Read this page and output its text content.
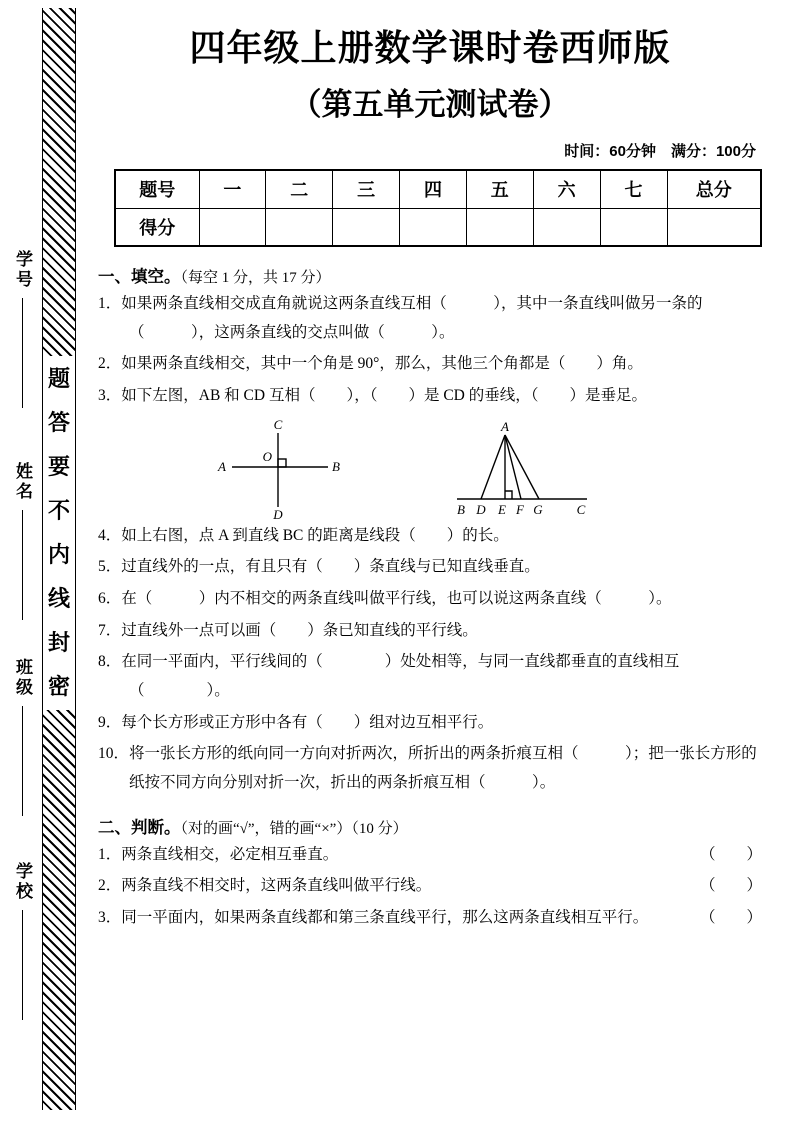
题
答
要
不
内
线
封
密
学号
姓名
班级
学校
四年级上册数学课时卷西师版
（第五单元测试卷）
时间：60分钟　满分：100分
题号	一	二	三	四	五	六	七	总分
得分								
一、填空。（每空 1 分，共 17 分）
1．如果两条直线相交成直角就说这两条直线互相（　　　），其中一条直线叫做另一条的（　　　），这两条直线的交点叫做（　　　）。
2．如果两条直线相交，其中一个角是 90°，那么，其他三个角都是（　　）角。
3．如下左图，AB 和 CD 互相（　　），（　　）是 CD 的垂线，（　　）是垂足。
C
D
A	B
O
A
B D E F G	C
4．如上右图，点 A 到直线 BC 的距离是线段（　　）的长。
5．过直线外的一点，有且只有（　　）条直线与已知直线垂直。
6．在（　　　）内不相交的两条直线叫做平行线，也可以说这两条直线（　　　）。
7．过直线外一点可以画（　　）条已知直线的平行线。
8．在同一平面内，平行线间的（　　　　）处处相等，与同一直线都垂直的直线相互（　　　　）。
9．每个长方形或正方形中各有（　　）组对边互相平行。
10．将一张长方形的纸向同一方向对折两次，所折出的两条折痕互相（　　　）；把一张长方形的纸按不同方向分别对折一次，折出的两条折痕互相（　　　）。
二、判断。（对的画“√”，错的画“×”）（10 分）
1．两条直线相交，必定相互垂直。	（　　）
2．两条直线不相交时，这两条直线叫做平行线。	（　　）
3．同一平面内，如果两条直线都和第三条直线平行，那么这两条直线相互平行。	（　　）
